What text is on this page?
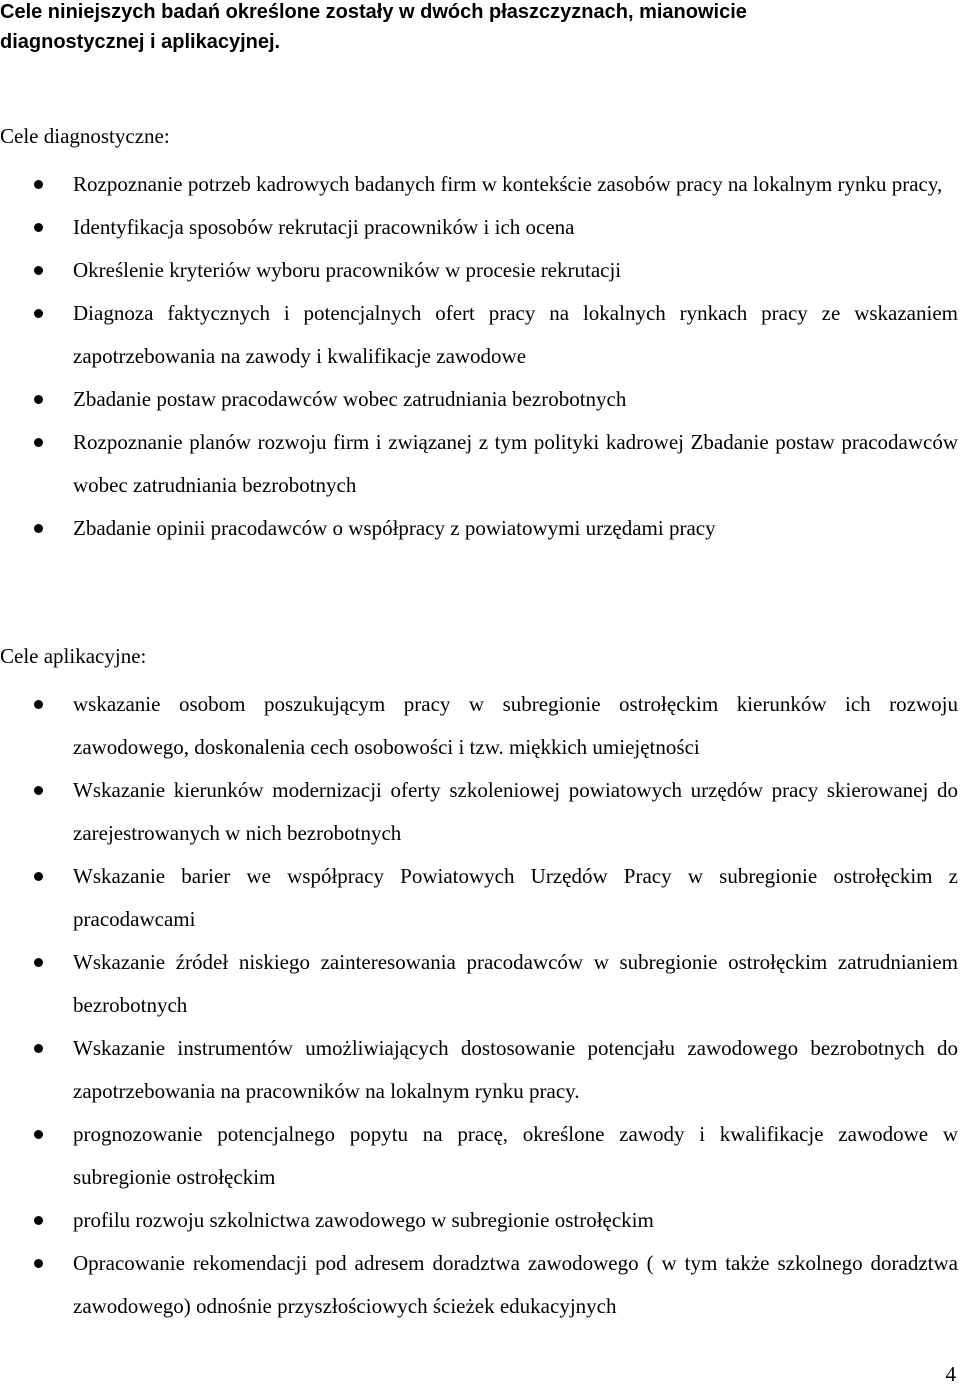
Cele niniejszych badań określone zostały w dwóch płaszczyznach, mianowicie diagnostycznej i aplikacyjnej.

Cele diagnostyczne:

Rozpoznanie potrzeb kadrowych badanych firm w kontekście zasobów pracy na lokalnym rynku pracy,
Identyfikacja sposobów rekrutacji pracowników i ich ocena
Określenie kryteriów wyboru pracowników w procesie rekrutacji
Diagnoza faktycznych i potencjalnych ofert pracy na lokalnych rynkach pracy ze wskazaniem zapotrzebowania na zawody i kwalifikacje zawodowe
Zbadanie postaw pracodawców wobec zatrudniania bezrobotnych
Rozpoznanie planów rozwoju firm i związanej z tym polityki kadrowej Zbadanie postaw pracodawców wobec zatrudniania bezrobotnych
Zbadanie opinii pracodawców o współpracy z powiatowymi urzędami pracy

Cele aplikacyjne:

wskazanie osobom poszukującym pracy w subregionie ostrołęckim kierunków ich rozwoju zawodowego, doskonalenia cech osobowości i tzw. miękkich umiejętności
Wskazanie kierunków modernizacji oferty szkoleniowej powiatowych urzędów pracy skierowanej do zarejestrowanych w nich bezrobotnych
Wskazanie barier we współpracy Powiatowych Urzędów Pracy w subregionie ostrołęckim z pracodawcami
Wskazanie źródeł niskiego zainteresowania pracodawców w subregionie ostrołęckim zatrudnianiem bezrobotnych
Wskazanie instrumentów umożliwiających dostosowanie potencjału zawodowego bezrobotnych do zapotrzebowania na pracowników na lokalnym rynku pracy.
prognozowanie potencjalnego popytu na pracę, określone zawody i kwalifikacje zawodowe w subregionie ostrołęckim
profilu rozwoju szkolnictwa zawodowego w subregionie ostrołęckim
Opracowanie rekomendacji pod adresem doradztwa zawodowego ( w tym także szkolnego doradztwa zawodowego) odnośnie przyszłościowych ścieżek edukacyjnych
4
